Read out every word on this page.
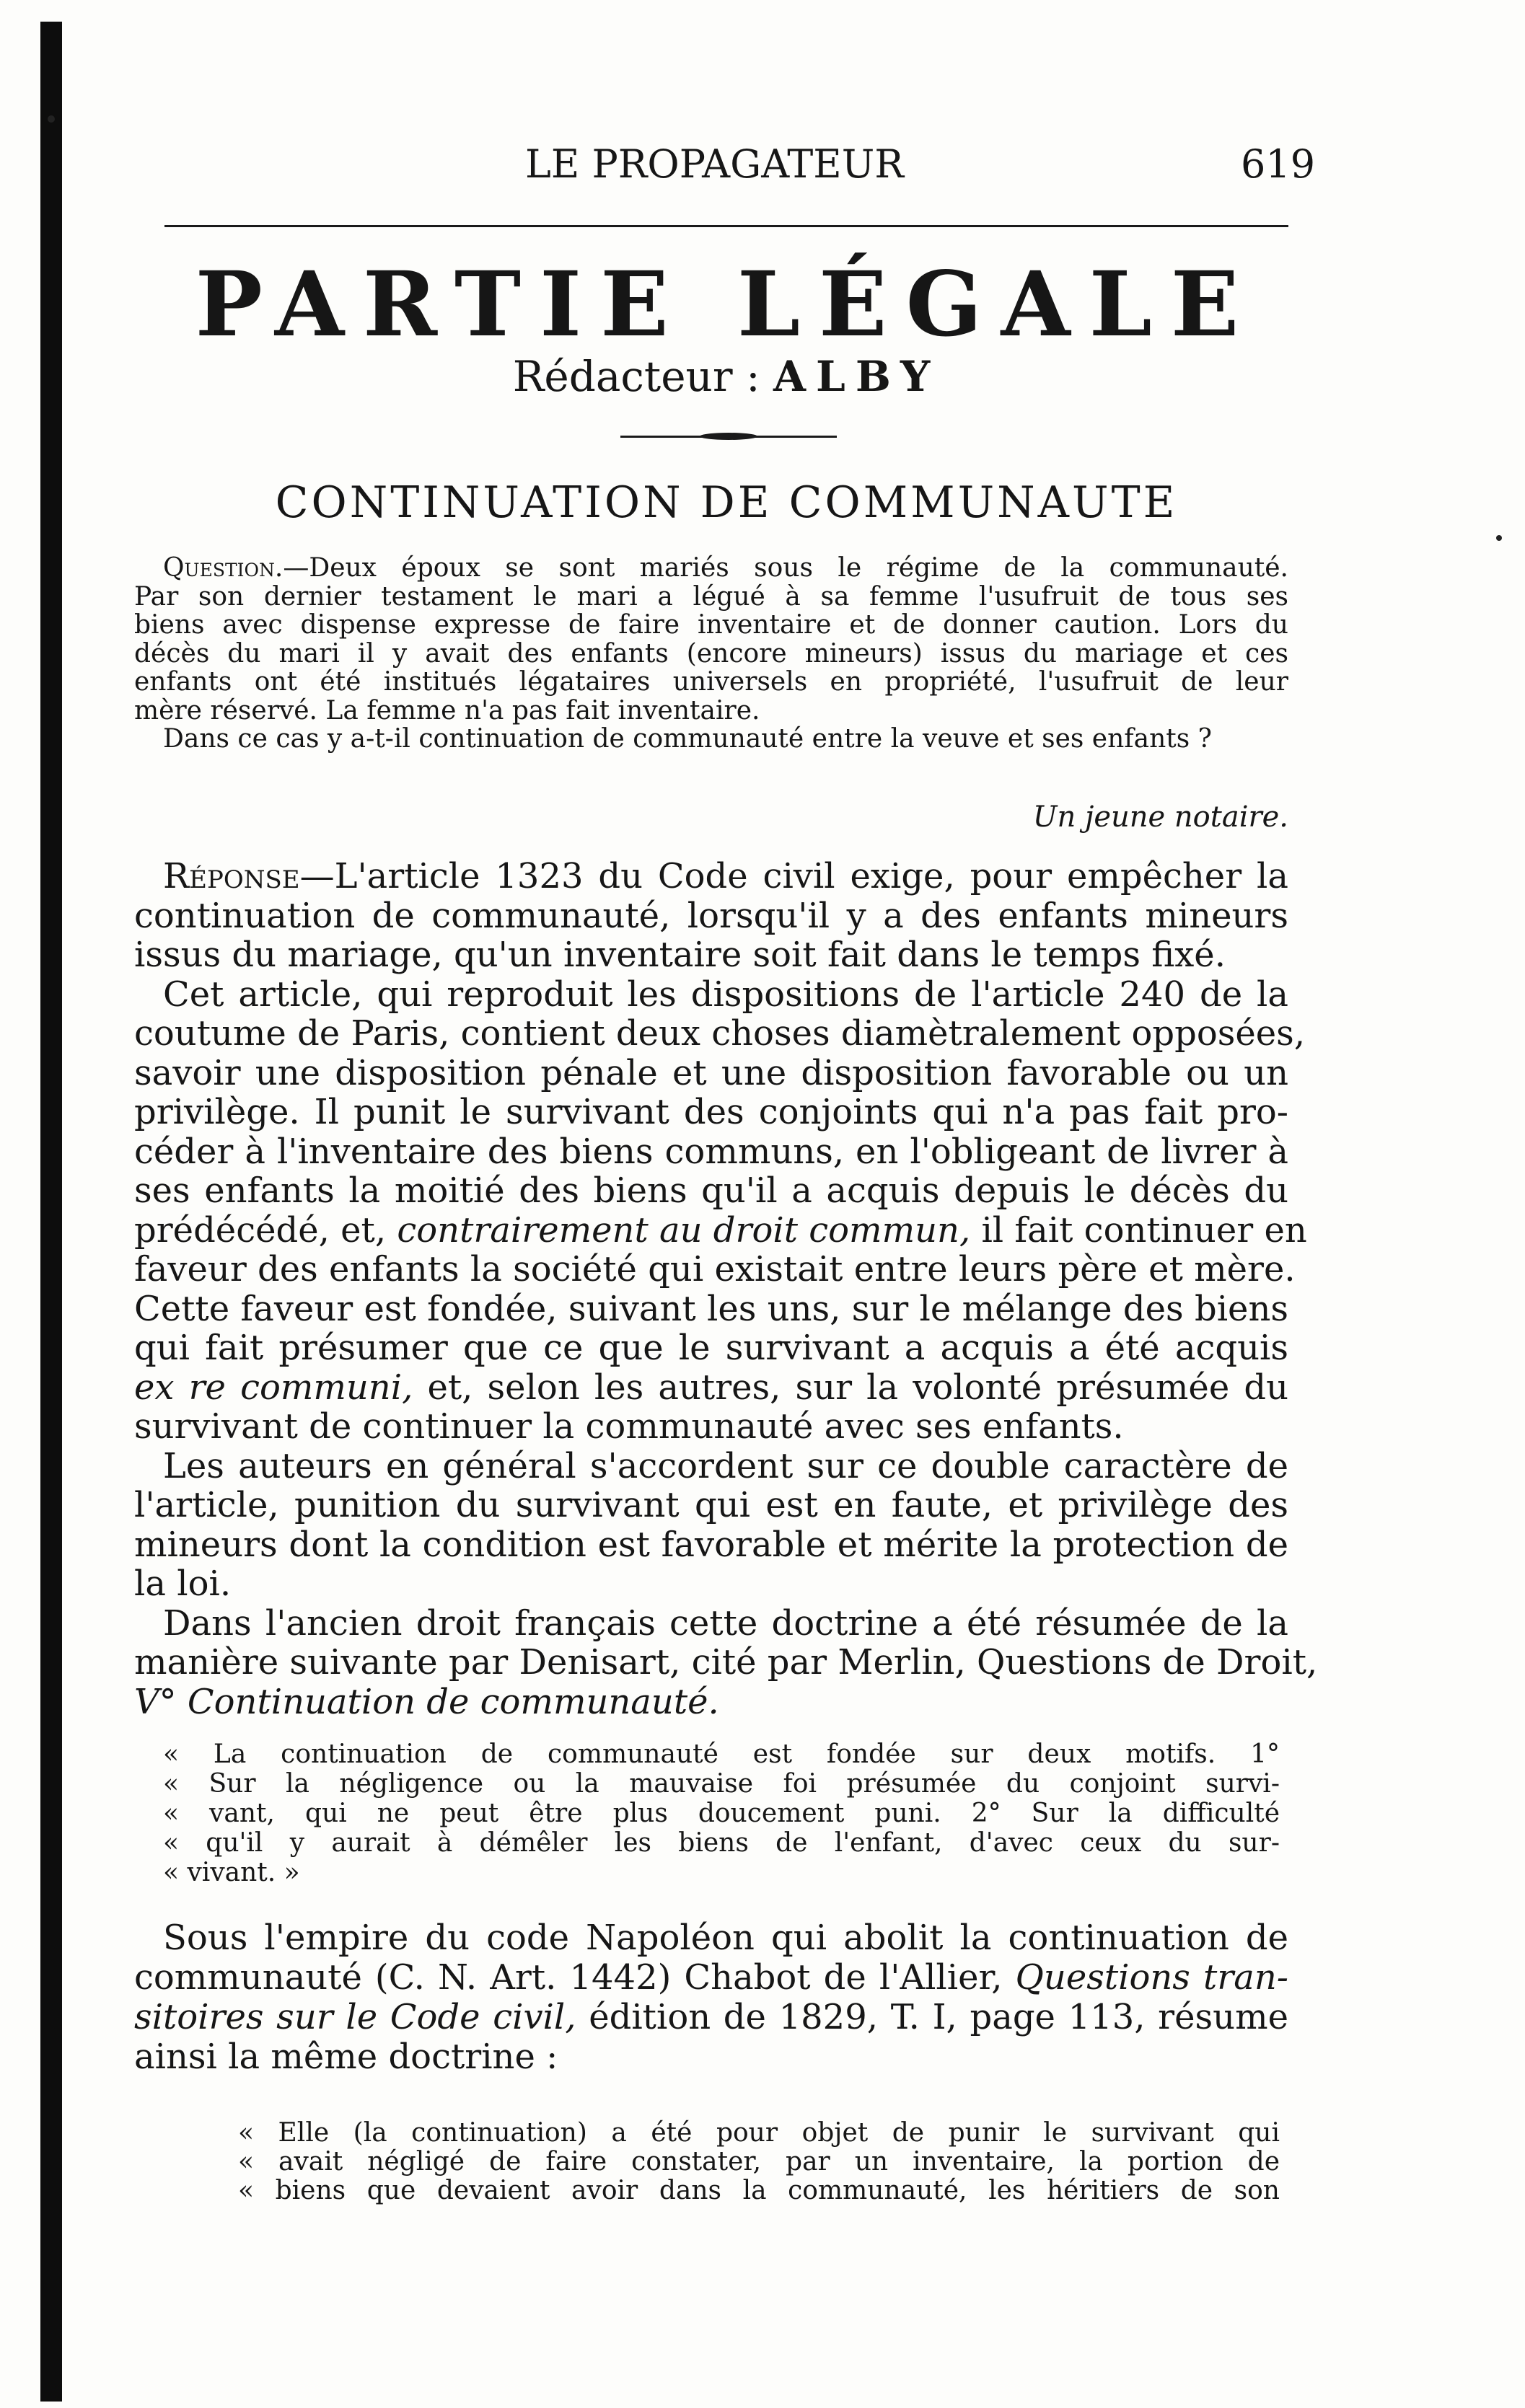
LE PROPAGATEUR	619
PARTIE LÉGALE
Rédacteur : ALBY
CONTINUATION DE COMMUNAUTE
Question.—Deux époux se sont mariés sous le régime de la communauté.
Par son dernier testament le mari a légué à sa femme l'usufruit de tous ses
biens avec dispense expresse de faire inventaire et de donner caution. Lors du
décès du mari il y avait des enfants (encore mineurs) issus du mariage et ces
enfants ont été institués légataires universels en propriété, l'usufruit de leur
mère réservé. La femme n'a pas fait inventaire.
Dans ce cas y a-t-il continuation de communauté entre la veuve et ses enfants ?
Un jeune notaire.
Réponse—L'article 1323 du Code civil exige, pour empêcher la
continuation de communauté, lorsqu'il y a des enfants mineurs
issus du mariage, qu'un inventaire soit fait dans le temps fixé.
Cet article, qui reproduit les dispositions de l'article 240 de la
coutume de Paris, contient deux choses diamètralement opposées,
savoir une disposition pénale et une disposition favorable ou un
privilège. Il punit le survivant des conjoints qui n'a pas fait pro-
céder à l'inventaire des biens communs, en l'obligeant de livrer à
ses enfants la moitié des biens qu'il a acquis depuis le décès du
prédécédé, et, contrairement au droit commun, il fait continuer en
faveur des enfants la société qui existait entre leurs père et mère.
Cette faveur est fondée, suivant les uns, sur le mélange des biens
qui fait présumer que ce que le survivant a acquis a été acquis
ex re communi, et, selon les autres, sur la volonté présumée du
survivant de continuer la communauté avec ses enfants.
Les auteurs en général s'accordent sur ce double caractère de
l'article, punition du survivant qui est en faute, et privilège des
mineurs dont la condition est favorable et mérite la protection de
la loi.
Dans l'ancien droit français cette doctrine a été résumée de la
manière suivante par Denisart, cité par Merlin, Questions de Droit,
V° Continuation de communauté.
« La continuation de communauté est fondée sur deux motifs. 1°
« Sur la négligence ou la mauvaise foi présumée du conjoint survi-
« vant, qui ne peut être plus doucement puni. 2° Sur la difficulté
« qu'il y aurait à démêler les biens de l'enfant, d'avec ceux du sur-
« vivant. »
Sous l'empire du code Napoléon qui abolit la continuation de
communauté (C. N. Art. 1442) Chabot de l'Allier, Questions tran-
sitoires sur le Code civil, édition de 1829, T. I, page 113, résume
ainsi la même doctrine :
« Elle (la continuation) a été pour objet de punir le survivant qui
« avait négligé de faire constater, par un inventaire, la portion de
« biens que devaient avoir dans la communauté, les héritiers de son
